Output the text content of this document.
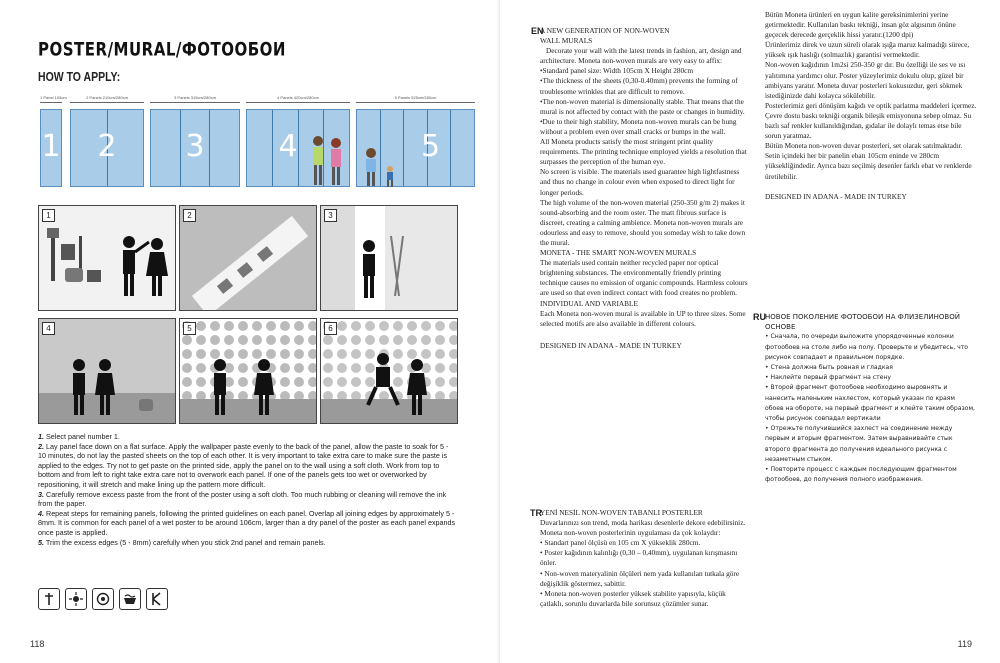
POSTER/MURAL/ФОТООБОИ
HOW TO APPLY:
1 Panel 105cm
1
2 Panels 210cm/280cm
2
3 Panels 315cm/280cm
3
4 Panels 420cm/280cm
4
5 Panels 525cm/280cm
5
1	2	3
4	5	6

1. Select panel number 1.

2. Lay panel face down on a flat surface. Apply the wallpaper paste evenly to the back of the panel, allow the paste to soak for 5 - 10 minutes, do not lay the pasted sheets on the top of each other. It is very important to take extra care to make sure the paste is applied to the edges. Try not to get paste on the printed side, apply the panel on to the wall using a soft cloth. Work from top to bottom and from left to right take extra care not to overwork each panel. If one of the panels gets too wet or overworked by repositioning, it will stretch and make lining up the pattern more difficult.

3. Carefully remove excess paste from the front of the poster using a soft cloth. Too much rubbing or cleaning will remove the ink from the paper.

4. Repeat steps for remaining panels, following the printed guidelines on each panel. Overlap all joining edges by approximately 5 - 8mm. It is common for each panel of a wet poster to be around 106cm, larger than a dry panel of the poster as each panel expands once paste is applied.

5. Trim the excess edges (5 - 8mm) carefully when you stick 2nd panel and remain panels.

118
EN

A NEW GENERATION OF NON-WOVEN WALL MURALS

Decorate your wall with the latest trends in fashion, art, design and architecture. Moneta non-woven murals are very easy to affix:

•Standard panel size: Width 105cm X Height 280cm

•The thickness of the sheets (0,30-0.40mm) prevents the forming of troublesome wrinkles that are difficult to remove.

•The non-woven material is dimensionally stable. That means that the mural is not affected by contact with the paste or changes in humidity.

•Due to their high stability, Moneta non-woven murals can be hung without a problem even over small cracks or bumps in the wall.

All Moneta products satisfy the most stringent print quality requirements. The printing technique employed yields a resolution that surpasses the perception of the human eye.

No screen is visible. The materials used guarantee high lightfastness and thus no change in colour even when exposed to direct light for longer periods.

The high volume of the non-woven material (250-350 g/m 2) makes it sound-absorbing and the room oster. The matt fibrous surface is discreet, creating a calming ambience. Moneta non-woven murals are odourless and easy to remove, should you someday wish to take down the mural.

MONETA - THE SMART NON-WOVEN MURALS

The materials used contain neither recycled paper nor optical brightening substances. The environmentally friendly printing technique causes no emission of organic compounds. Harmless colours are used so that even indirect contact with food creates no problem.

INDIVIDUAL AND VARIABLE

Each Moneta non-woven mural is available in UP to three sizes. Some selected motifs are also available in different colours.

DESIGNED IN ADANA - MADE IN TURKEY

Bütün Moneta ürünleri en uygun kalite gereksinimlerini yerine getirmektedir. Kullanılan baskı tekniği, insan göz algısının önüne geçecek derecede gerçeklik hissi yaratır.(1200 dpi)

Ürünlerimiz direk ve uzun süreli olarak ışığa maruz kalmadığı sürece, yüksek ışık haslığı (solmazlık) garantisi vermektedir.

Non-woven kağıdının 1m2si 250-350 gr dır. Bu özelliği ile ses ve ısı yalıtımına yardımcı olur. Poster yüzeylerimiz dokulu olup, güzel bir ambiyans yaratır. Moneta duvar posterleri kokusuzdur, geri sökmek istediğinizde dahi kolayca sökülebilir.

Posterlerimiz geri dönüşüm kağıdı ve optik parlatma maddeleri içermez. Çevre dostu baskı tekniği organik bileşik emisyonuna sebep olmaz. Su bazlı saf renkler kullanıldığından, gıdalar ile dolaylı temas etse bile sorun yaratmaz.

Bütün Moneta non-woven duvar posterleri, set olarak satılmaktadır. Setin içindeki her bir panelin ebatı 105cm eninde ve 280cm yüksekliğindedir. Ayrıca bazı seçilmiş desenler farklı ebat ve renklerde üretilebilir.

DESIGNED IN ADANA - MADE IN TURKEY

TR

YENİ NESİL NON-WOVEN TABANLI POSTERLER

Duvarlarınızı son trend, moda harikası desenlerle dekore edebilirsiniz. Moneta non-woven posterlerinin uygulaması da çok kolaydır:

• Standart panel ölçüsü en 105 cm X yükseklik 280cm.

• Poster kağıdının kalınlığı (0,30 – 0,40mm), uygulanan kırışmasını önler.

• Non-woven materyalinin ölçüleri nem yada kullanılan tutkala göre değişiklik göstermez, sabittir.

• Moneta non-woven posterler yüksek stabilite yapısıyla, küçük çatlaklı, sorunlu duvarlarda bile sorunsuz çözümler sunar.

RU НОВОЕ ПОКОЛЕНИЕ ФОТООБОИ НА ФЛИЗЕЛИНОВОЙ ОСНОВЕ

• Сначала, по очереди выложите упорядоченные колонки фотообоев на столе либо на полу. Проверьте и убедитесь, что рисунок совпадает и правильном порядке.

• Стена должна быть ровная и гладкая

• Наклейте первый фрагмент на стену

• Второй фрагмент фотообоев необходимо выровнять и нанесить маленьким нахлестом, который указан по краям обоев на обороте, на первый фрагмент и клейте таким образом, чтобы рисунок совпадал вертикали

• Отрежьте получившийся захлест на соединение между первым и вторым фрагментом. Затем выравнивайте стык второго фрагмента до получения идеального рисунка с незаметным стыком.

• Повторите процесс с каждым последующим фрагментом фотообоев, до получения полного изображения.

119
